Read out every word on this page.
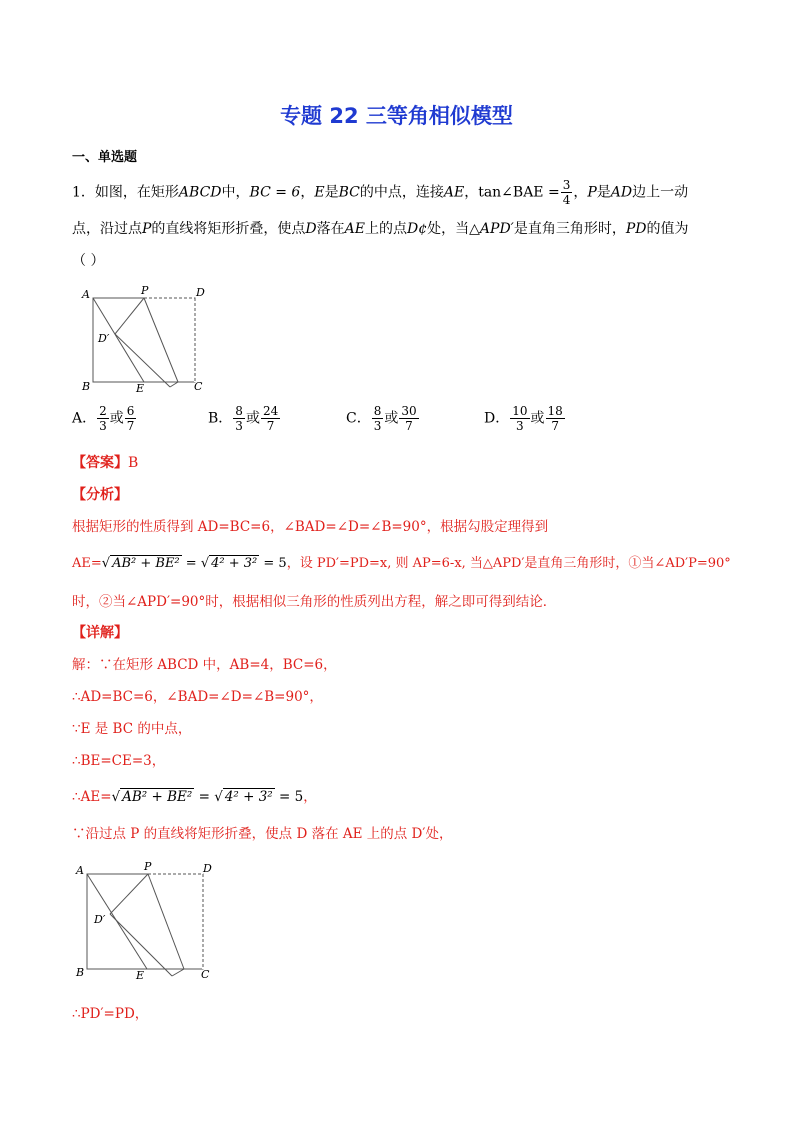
专题 22 三等角相似模型
一、单选题
1．如图，在矩形ABCD中，BC = 6，E是BC的中点，连接AE，tan∠BAE = $\frac{3}{4}$ ，P是AD边上一动
点，沿过点P的直线将矩形折叠，使点D落在AE上的点D¢处，当△APD′是直角三角形时，PD的值为
（ ）
A	P	D
D′
B	E	C
A． $\frac{2}{3}$ 或 $\frac{6}{7}$	B． $\frac{8}{3}$ 或 $\frac{24}{7}$	C． $\frac{8}{3}$ 或 $\frac{30}{7}$	D． $\frac{10}{3}$ 或 $\frac{18}{7}$
【答案】B
【分析】
根据矩形的性质得到 AD=BC=6，∠BAD=∠D=∠B=90°，根据勾股定理得到
AE=√ AB² + BE² = √ 4² + 3² = 5，设 PD′=PD=x, 则 AP=6-x, 当△APD′是直角三角形时，①当∠AD′P=90°
时，②当∠APD′=90°时，根据相似三角形的性质列出方程，解之即可得到结论．
【详解】
解：∵在矩形 ABCD 中，AB=4，BC=6，
∴AD=BC=6，∠BAD=∠D=∠B=90°，
∵E 是 BC 的中点，
∴BE=CE=3，
∴AE=√ AB² + BE² = √ 4² + 3² = 5，
∵沿过点 P 的直线将矩形折叠，使点 D 落在 AE 上的点 D′处，
A	P	D
D′
B	E	C
∴PD′=PD，
